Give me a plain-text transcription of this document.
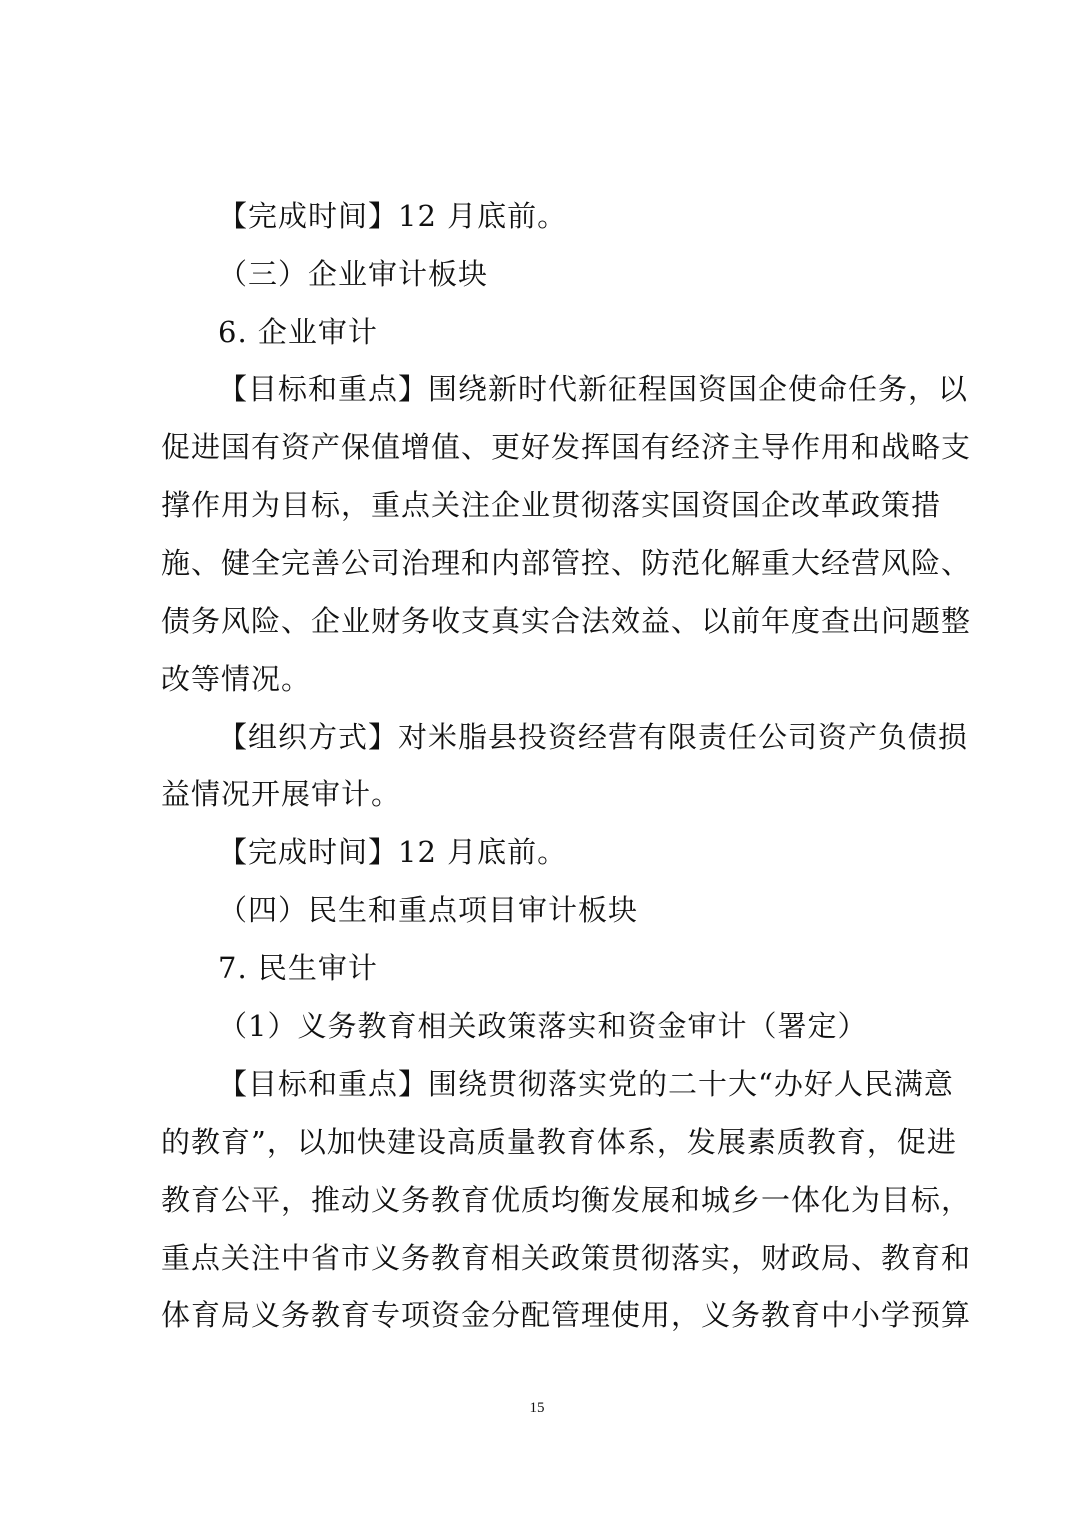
【完成时间】12 月底前。
（三）企业审计板块
6. 企业审计
【目标和重点】围绕新时代新征程国资国企使命任务，以
促进国有资产保值增值、更好发挥国有经济主导作用和战略支
撑作用为目标，重点关注企业贯彻落实国资国企改革政策措
施、健全完善公司治理和内部管控、防范化解重大经营风险、
债务风险、企业财务收支真实合法效益、以前年度查出问题整
改等情况。
【组织方式】对米脂县投资经营有限责任公司资产负债损
益情况开展审计。
【完成时间】12 月底前。
（四）民生和重点项目审计板块
7. 民生审计
（1）义务教育相关政策落实和资金审计（署定）
【目标和重点】围绕贯彻落实党的二十大“办好人民满意
的教育”，以加快建设高质量教育体系，发展素质教育，促进
教育公平，推动义务教育优质均衡发展和城乡一体化为目标，
重点关注中省市义务教育相关政策贯彻落实，财政局、教育和
体育局义务教育专项资金分配管理使用，义务教育中小学预算
15
